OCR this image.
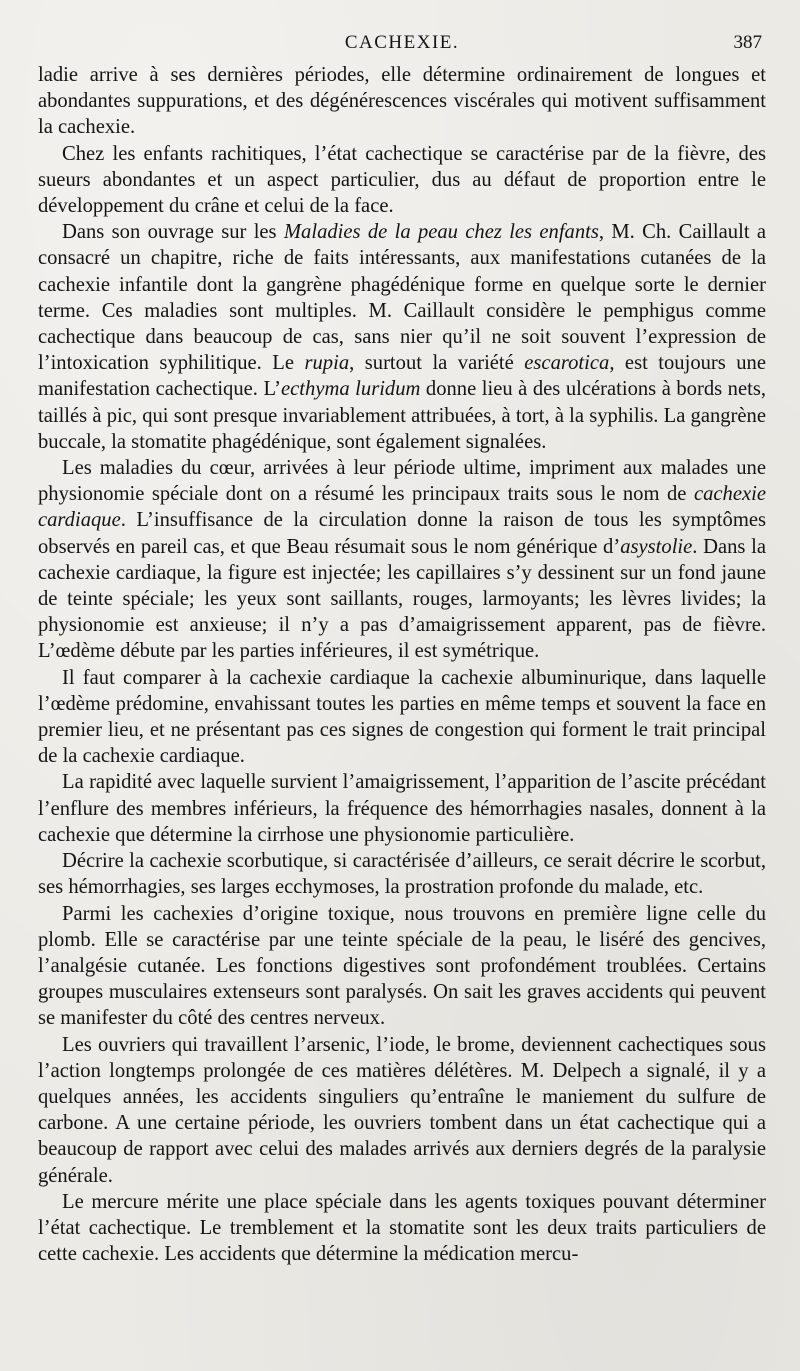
CACHEXIE.	387

ladie arrive à ses dernières périodes, elle détermine ordinairement de longues et abondantes suppurations, et des dégénérescences viscérales qui motivent suffisamment la cachexie.

Chez les enfants rachitiques, l’état cachectique se caractérise par de la fièvre, des sueurs abondantes et un aspect particulier, dus au défaut de proportion entre le développement du crâne et celui de la face.

Dans son ouvrage sur les Maladies de la peau chez les enfants, M. Ch. Caillault a consacré un chapitre, riche de faits intéressants, aux manifestations cutanées de la cachexie infantile dont la gangrène phagédénique forme en quelque sorte le dernier terme. Ces maladies sont multiples. M. Caillault considère le pemphigus comme cachectique dans beaucoup de cas, sans nier qu’il ne soit souvent l’expression de l’intoxication syphilitique. Le rupia, surtout la variété escarotica, est toujours une manifestation cachectique. L’ecthyma luridum donne lieu à des ulcérations à bords nets, taillés à pic, qui sont presque invariablement attribuées, à tort, à la syphilis. La gangrène buccale, la stomatite phagédénique, sont également signalées.

Les maladies du cœur, arrivées à leur période ultime, impriment aux malades une physionomie spéciale dont on a résumé les principaux traits sous le nom de cachexie cardiaque. L’insuffisance de la circulation donne la raison de tous les symptômes observés en pareil cas, et que Beau résumait sous le nom générique d’asystolie. Dans la cachexie cardiaque, la figure est injectée; les capillaires s’y dessinent sur un fond jaune de teinte spéciale; les yeux sont saillants, rouges, larmoyants; les lèvres livides; la physionomie est anxieuse; il n’y a pas d’amaigrissement apparent, pas de fièvre. L’œdème débute par les parties inférieures, il est symétrique.

Il faut comparer à la cachexie cardiaque la cachexie albuminurique, dans laquelle l’œdème prédomine, envahissant toutes les parties en même temps et souvent la face en premier lieu, et ne présentant pas ces signes de congestion qui forment le trait principal de la cachexie cardiaque.

La rapidité avec laquelle survient l’amaigrissement, l’apparition de l’ascite précédant l’enflure des membres inférieurs, la fréquence des hémorrhagies nasales, donnent à la cachexie que détermine la cirrhose une physionomie particulière.

Décrire la cachexie scorbutique, si caractérisée d’ailleurs, ce serait décrire le scorbut, ses hémorrhagies, ses larges ecchymoses, la prostration profonde du malade, etc.

Parmi les cachexies d’origine toxique, nous trouvons en première ligne celle du plomb. Elle se caractérise par une teinte spéciale de la peau, le liséré des gencives, l’analgésie cutanée. Les fonctions digestives sont profondément troublées. Certains groupes musculaires extenseurs sont paralysés. On sait les graves accidents qui peuvent se manifester du côté des centres nerveux.

Les ouvriers qui travaillent l’arsenic, l’iode, le brome, deviennent cachectiques sous l’action longtemps prolongée de ces matières délétères. M. Delpech a signalé, il y a quelques années, les accidents singuliers qu’entraîne le maniement du sulfure de carbone. A une certaine période, les ouvriers tombent dans un état cachectique qui a beaucoup de rapport avec celui des malades arrivés aux derniers degrés de la paralysie générale.

Le mercure mérite une place spéciale dans les agents toxiques pouvant déterminer l’état cachectique. Le tremblement et la stomatite sont les deux traits particuliers de cette cachexie. Les accidents que détermine la médication mercu-
